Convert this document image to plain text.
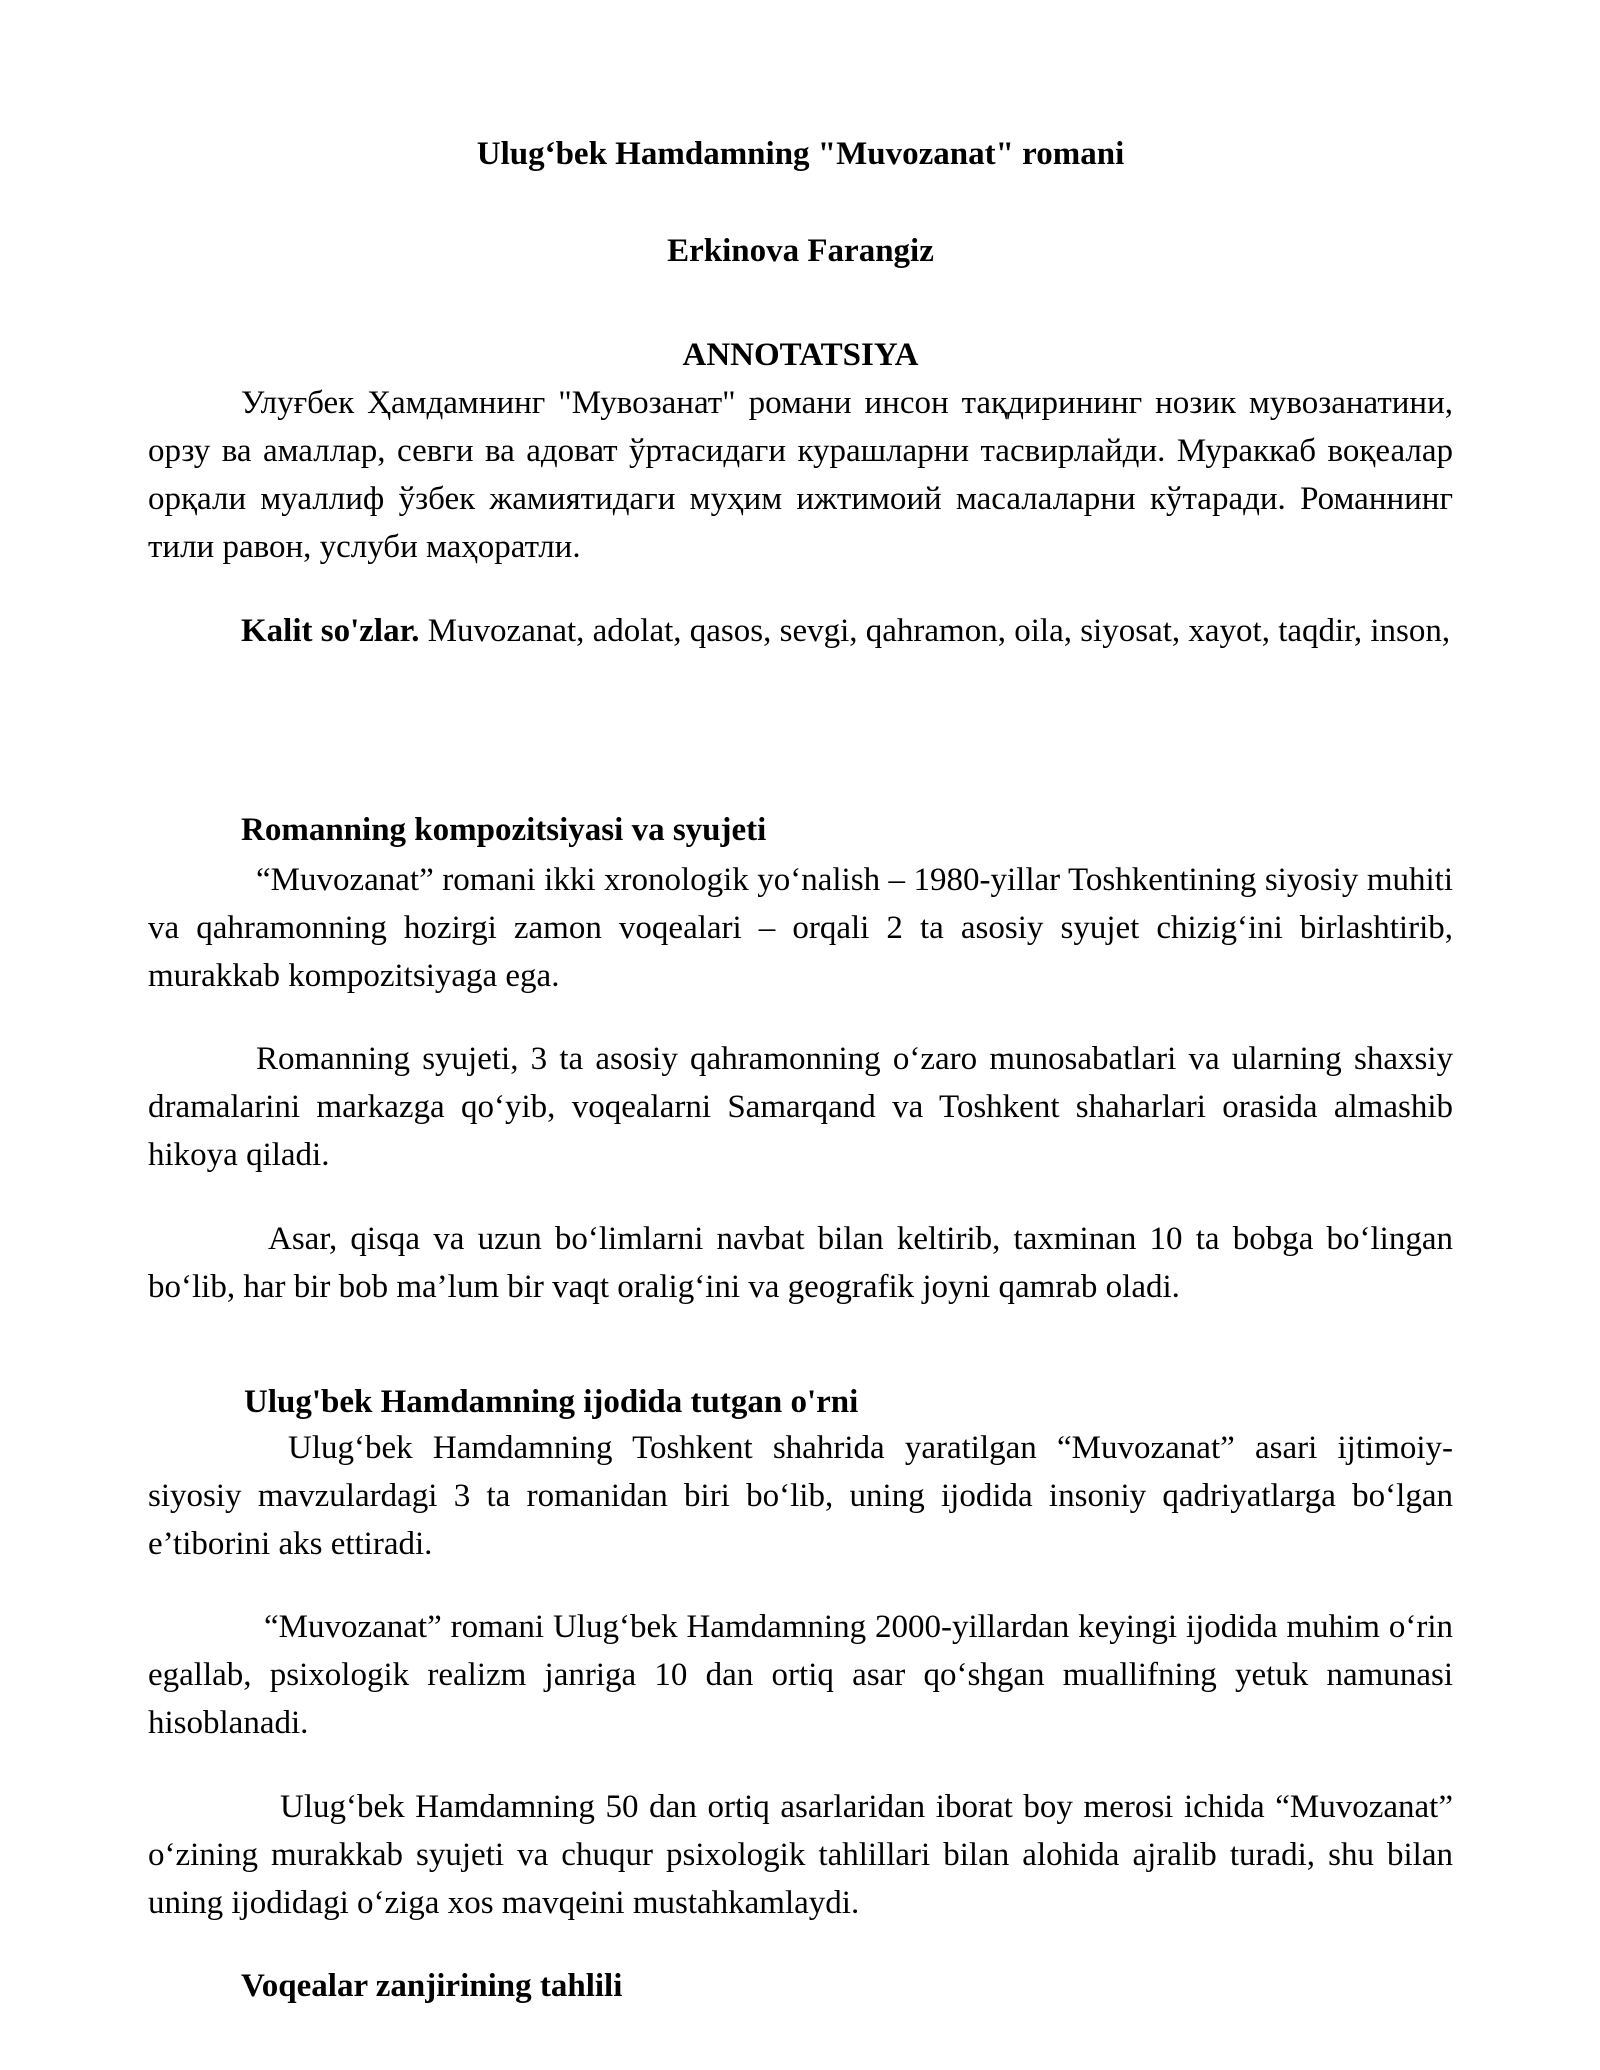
Ulug‘bek Hamdamning "Muvozanat" romani
Erkinova Farangiz
ANNOTATSIYA

Улуғбек Ҳамдамнинг "Мувозанат" романи инсон тақдирининг нозик мувозанатини, орзу ва амаллар, севги ва адоват ўртасидаги курашларни тасвирлайди. Мураккаб воқеалар орқали муаллиф ўзбек жамиятидаги муҳим ижтимоий масалаларни кўтаради. Романнинг тили равон, услуби маҳоратли.

Kalit so'zlar. Muvozanat, adolat, qasos, sevgi, qahramon, oila, siyosat, xayot, taqdir, inson,

Romanning kompozitsiyasi va syujeti

“Muvozanat” romani ikki xronologik yo‘nalish – 1980-yillar Toshkentining siyosiy muhiti va qahramonning hozirgi zamon voqealari – orqali 2 ta asosiy syujet chizig‘ini birlashtirib, murakkab kompozitsiyaga ega.

Romanning syujeti, 3 ta asosiy qahramonning o‘zaro munosabatlari va ularning shaxsiy dramalarini markazga qo‘yib, voqealarni Samarqand va Toshkent shaharlari orasida almashib hikoya qiladi.

Asar, qisqa va uzun bo‘limlarni navbat bilan keltirib, taxminan 10 ta bobga bo‘lingan bo‘lib, har bir bob ma’lum bir vaqt oralig‘ini va geografik joyni qamrab oladi.

Ulug'bek Hamdamning ijodida tutgan o'rni

Ulug‘bek Hamdamning Toshkent shahrida yaratilgan “Muvozanat” asari ijtimoiy-siyosiy mavzulardagi 3 ta romanidan biri bo‘lib, uning ijodida insoniy qadriyatlarga bo‘lgan e’tiborini aks ettiradi.

“Muvozanat” romani Ulug‘bek Hamdamning 2000-yillardan keyingi ijodida muhim o‘rin egallab, psixologik realizm janriga 10 dan ortiq asar qo‘shgan muallifning yetuk namunasi hisoblanadi.

Ulug‘bek Hamdamning 50 dan ortiq asarlaridan iborat boy merosi ichida “Muvozanat” o‘zining murakkab syujeti va chuqur psixologik tahlillari bilan alohida ajralib turadi, shu bilan uning ijodidagi o‘ziga xos mavqeini mustahkamlaydi.

Voqealar zanjirining tahlili
